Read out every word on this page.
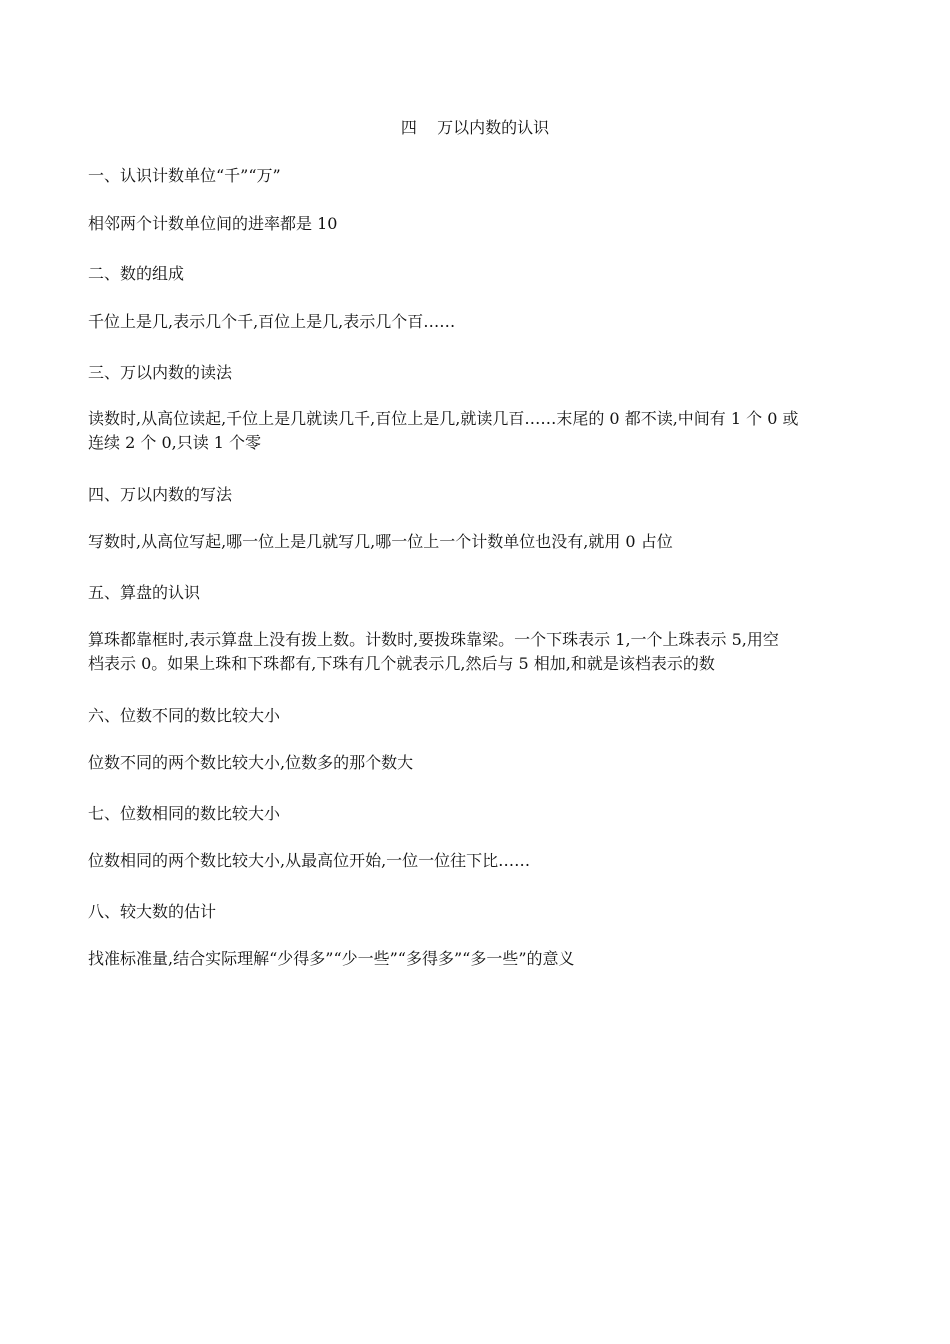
四    万以内数的认识
一、认识计数单位“千”“万”
相邻两个计数单位间的进率都是 10
二、数的组成
千位上是几,表示几个千,百位上是几,表示几个百……
三、万以内数的读法
读数时,从高位读起,千位上是几就读几千,百位上是几,就读几百……末尾的 0 都不读,中间有 1 个 0 或
连续 2 个 0,只读 1 个零
四、万以内数的写法
写数时,从高位写起,哪一位上是几就写几,哪一位上一个计数单位也没有,就用 0 占位
五、算盘的认识
算珠都靠框时,表示算盘上没有拨上数。计数时,要拨珠靠梁。一个下珠表示 1,一个上珠表示 5,用空
档表示 0。如果上珠和下珠都有,下珠有几个就表示几,然后与 5 相加,和就是该档表示的数
六、位数不同的数比较大小
位数不同的两个数比较大小,位数多的那个数大
七、位数相同的数比较大小
位数相同的两个数比较大小,从最高位开始,一位一位往下比……
八、较大数的估计
找准标准量,结合实际理解“少得多”“少一些”“多得多”“多一些”的意义
